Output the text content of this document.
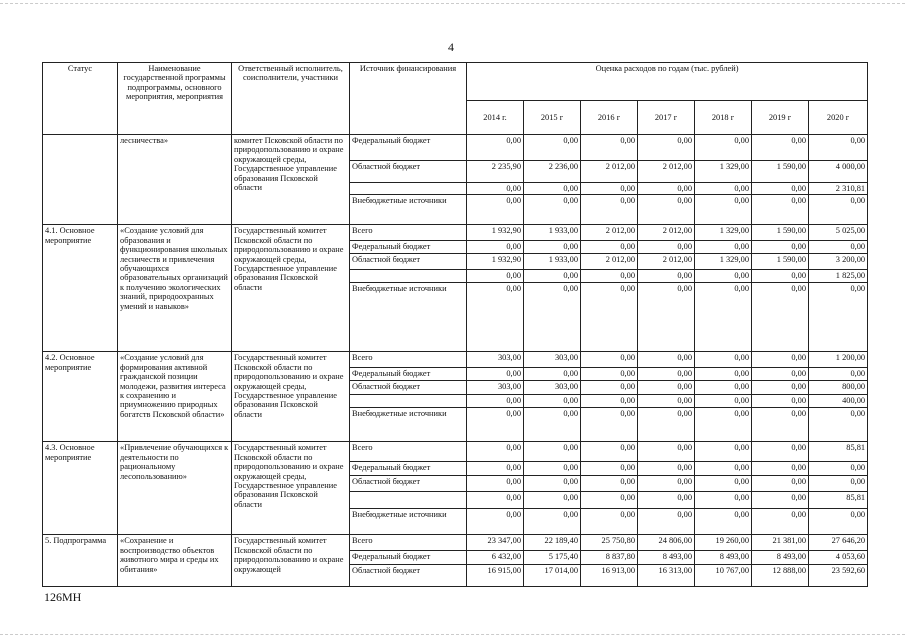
4
Статус	Наименование государственной программы подпрограммы, основного мероприятия, мероприятия	Ответственный исполнитель, соисполнители, участники	Источник финансирования	Оценка расходов по годам (тыс. рублей)						
				2014 г.	2015 г	2016 г	2017 г	2018 г	2019 г	2020 г
	лесничества»	комитет Псковской области по природопользованию и охране окружающей среды, Государственное управление образования Псковской области	Федеральный бюджет	0,00	0,00	0,00	0,00	0,00	0,00	0,00
			Областной бюджет	2 235,90	2 236,00	2 012,00	2 012,00	1 329,00	1 590,00	4 000,00
				0,00	0,00	0,00	0,00	0,00	0,00	2 310,81
			Внебюджетные источники	0,00	0,00	0,00	0,00	0,00	0,00	0,00
4.1. Основное мероприятие	«Создание условий для образования и функционирования школьных лесничеств и привлечения обучающихся образовательных организаций к получению экологических знаний, природоохранных умений и навыков»	Государственный комитет Псковской области по природопользованию и охране окружающей среды, Государственное управление образования Псковской области	Всего	1 932,90	1 933,00	2 012,00	2 012,00	1 329,00	1 590,00	5 025,00
			Федеральный бюджет	0,00	0,00	0,00	0,00	0,00	0,00	0,00
			Областной бюджет	1 932,90	1 933,00	2 012,00	2 012,00	1 329,00	1 590,00	3 200,00
				0,00	0,00	0,00	0,00	0,00	0,00	1 825,00
			Внебюджетные источники	0,00	0,00	0,00	0,00	0,00	0,00	0,00
4.2. Основное мероприятие	«Создание условий для формирования активной гражданской позиции молодежи, развития интереса к сохранению и приумножению природных богатств Псковской области»	Государственный комитет Псковской области по природопользованию и охране окружающей среды, Государственное управление образования Псковской области	Всего	303,00	303,00	0,00	0,00	0,00	0,00	1 200,00
			Федеральный бюджет	0,00	0,00	0,00	0,00	0,00	0,00	0,00
			Областной бюджет	303,00	303,00	0,00	0,00	0,00	0,00	800,00
				0,00	0,00	0,00	0,00	0,00	0,00	400,00
			Внебюджетные источники	0,00	0,00	0,00	0,00	0,00	0,00	0,00
4.3. Основное мероприятие	«Привлечение обучающихся к деятельности по рациональному лесопользованию»	Государственный комитет Псковской области по природопользованию и охране окружающей среды, Государственное управление образования Псковской области	Всего	0,00	0,00	0,00	0,00	0,00	0,00	85,81
			Федеральный бюджет	0,00	0,00	0,00	0,00	0,00	0,00	0,00
			Областной бюджет	0,00	0,00	0,00	0,00	0,00	0,00	0,00
				0,00	0,00	0,00	0,00	0,00	0,00	85,81
			Внебюджетные источники	0,00	0,00	0,00	0,00	0,00	0,00	0,00
5. Подпрограмма	«Сохранение и воспроизводство объектов животного мира и среды их обитания»	Государственный комитет Псковской области по природопользованию и охране окружающей	Всего	23 347,00	22 189,40	25 750,80	24 806,00	19 260,00	21 381,00	27 646,20
			Федеральный бюджет	6 432,00	5 175,40	8 837,80	8 493,00	8 493,00	8 493,00	4 053,60
			Областной бюджет	16 915,00	17 014,00	16 913,00	16 313,00	10 767,00	12 888,00	23 592,60
126МН
